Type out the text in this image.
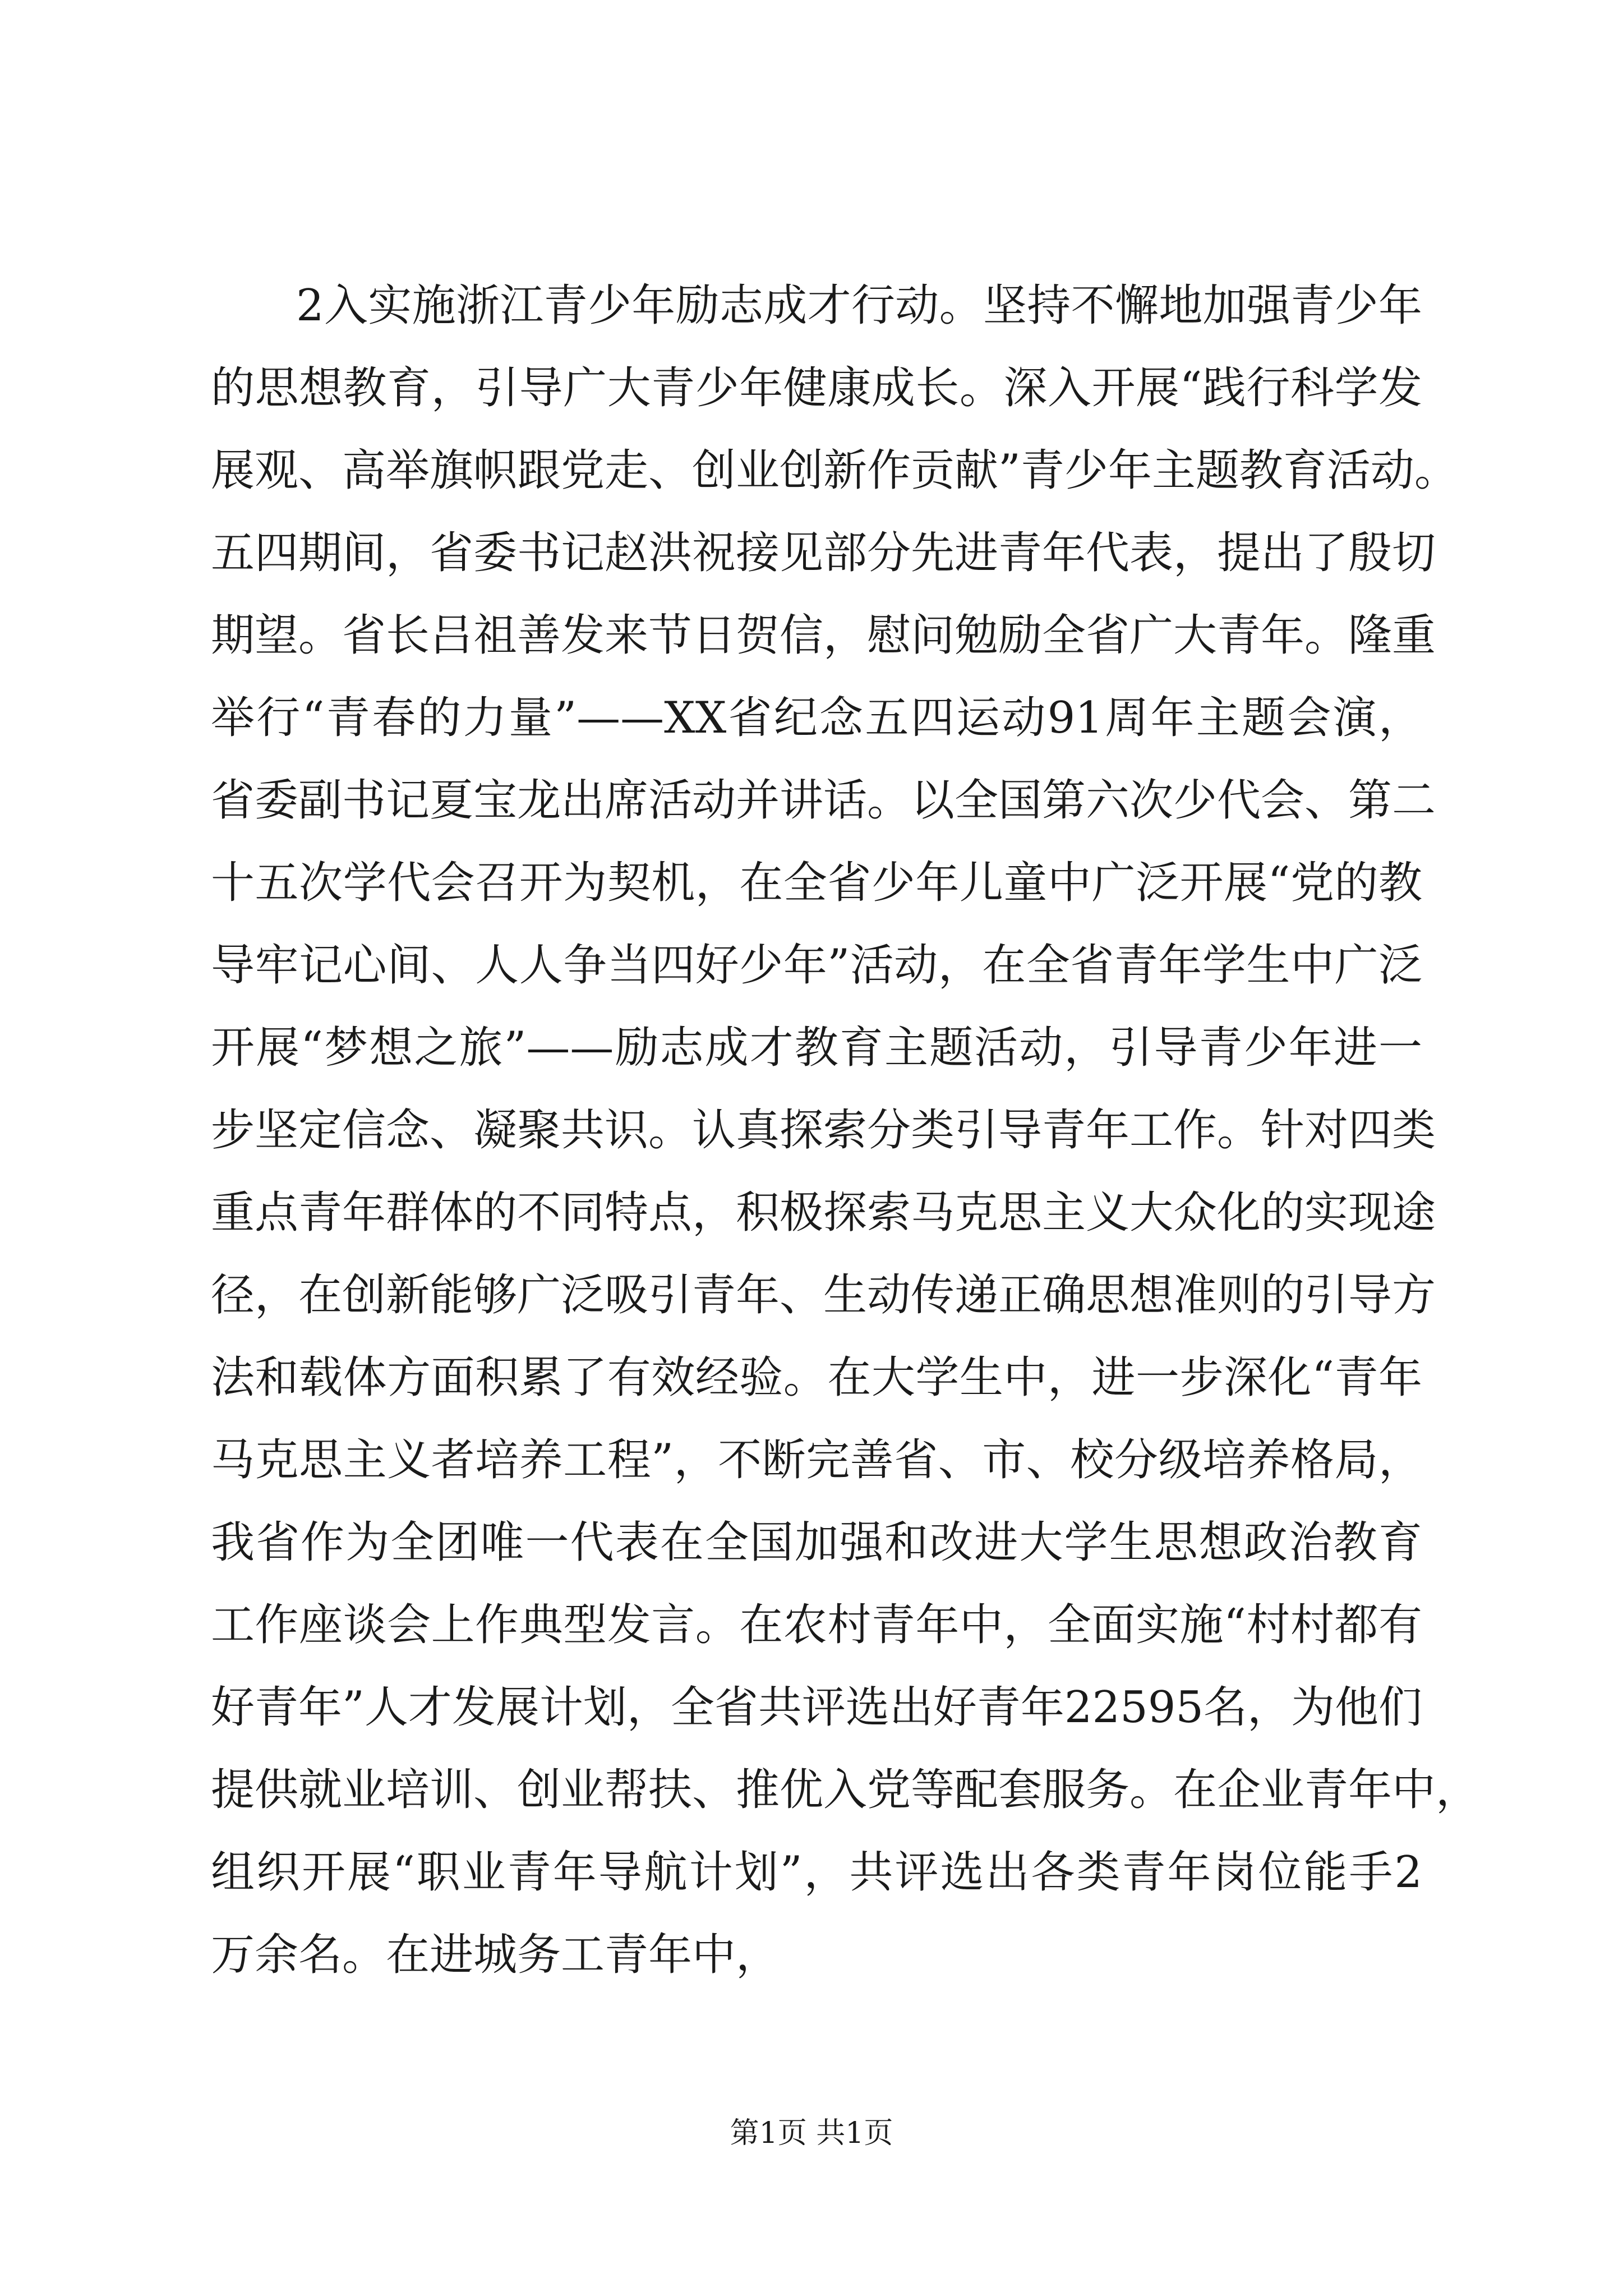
2入实施浙江青少年励志成才行动。坚持不懈地加强青少年
的思想教育，引导广大青少年健康成长。深入开展“践行科学发
展观、高举旗帜跟党走、创业创新作贡献”青少年主题教育活动。
五四期间，省委书记赵洪祝接见部分先进青年代表，提出了殷切
期望。省长吕祖善发来节日贺信，慰问勉励全省广大青年。隆重
举行“青春的力量”——XX省纪念五四运动91周年主题会演，
省委副书记夏宝龙出席活动并讲话。以全国第六次少代会、第二
十五次学代会召开为契机，在全省少年儿童中广泛开展“党的教
导牢记心间、人人争当四好少年”活动，在全省青年学生中广泛
开展“梦想之旅”——励志成才教育主题活动，引导青少年进一
步坚定信念、凝聚共识。认真探索分类引导青年工作。针对四类
重点青年群体的不同特点，积极探索马克思主义大众化的实现途
径，在创新能够广泛吸引青年、生动传递正确思想准则的引导方
法和载体方面积累了有效经验。在大学生中，进一步深化“青年
马克思主义者培养工程”，不断完善省、市、校分级培养格局，
我省作为全团唯一代表在全国加强和改进大学生思想政治教育
工作座谈会上作典型发言。在农村青年中，全面实施“村村都有
好青年”人才发展计划，全省共评选出好青年22595名，为他们
提供就业培训、创业帮扶、推优入党等配套服务。在企业青年中，
组织开展“职业青年导航计划”，共评选出各类青年岗位能手2
万余名。在进城务工青年中，
第1页 共1页
